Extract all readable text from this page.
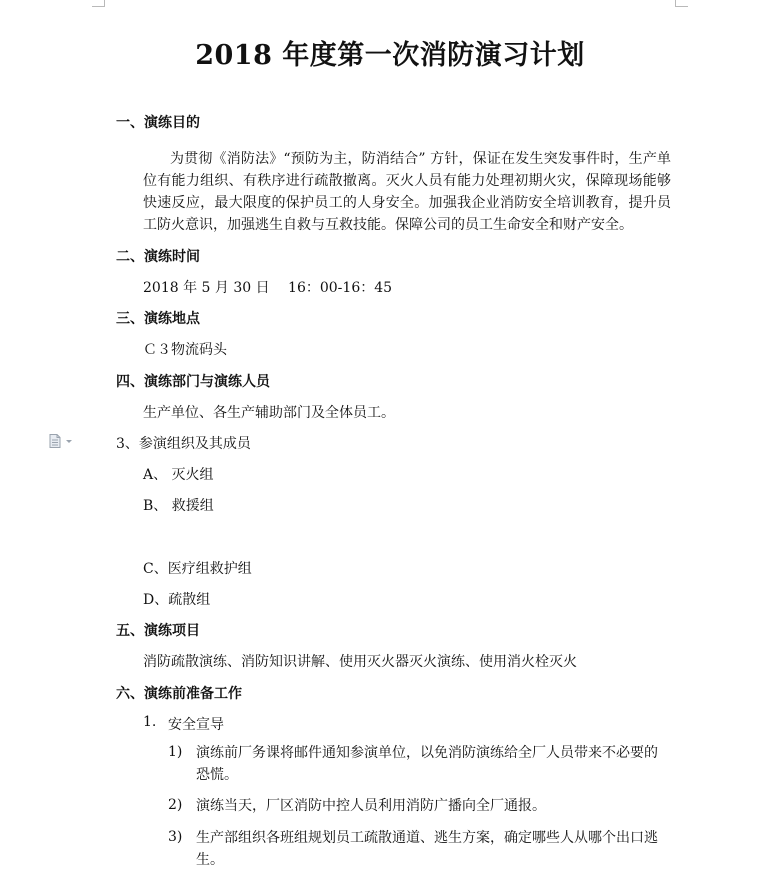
2018 年度第一次消防演习计划
一、演练目的

为贯彻《消防法》“预防为主，防消结合” 方针，保证在发生突发事件时，生产单位有能力组织、有秩序进行疏散撤离。灭火人员有能力处理初期火灾，保障现场能够快速反应，最大限度的保护员工的人身安全。加强我企业消防安全培训教育，提升员工防火意识，加强逃生自救与互救技能。保障公司的员工生命安全和财产安全。

二、演练时间
2018 年 5 月 30 日　 16：00-16：45
三、演练地点
Ｃ３物流码头
四、演练部门与演练人员
生产单位、各生产辅助部门及全体员工。
3、参演组织及其成员
A、 灭火组
B、 救援组
C、医疗组救护组
D、疏散组
五、演练项目
消防疏散演练、消防知识讲解、使用灭火器灭火演练、使用消火栓灭火
六、演练前准备工作
1. 安全宣导
1) 演练前厂务课将邮件通知参演单位，以免消防演练给全厂人员带来不必要的恐慌。

2) 演练当天，厂区消防中控人员利用消防广播向全厂通报。

3) 生产部组织各班组规划员工疏散通道、逃生方案，确定哪些人从哪个出口逃生。
